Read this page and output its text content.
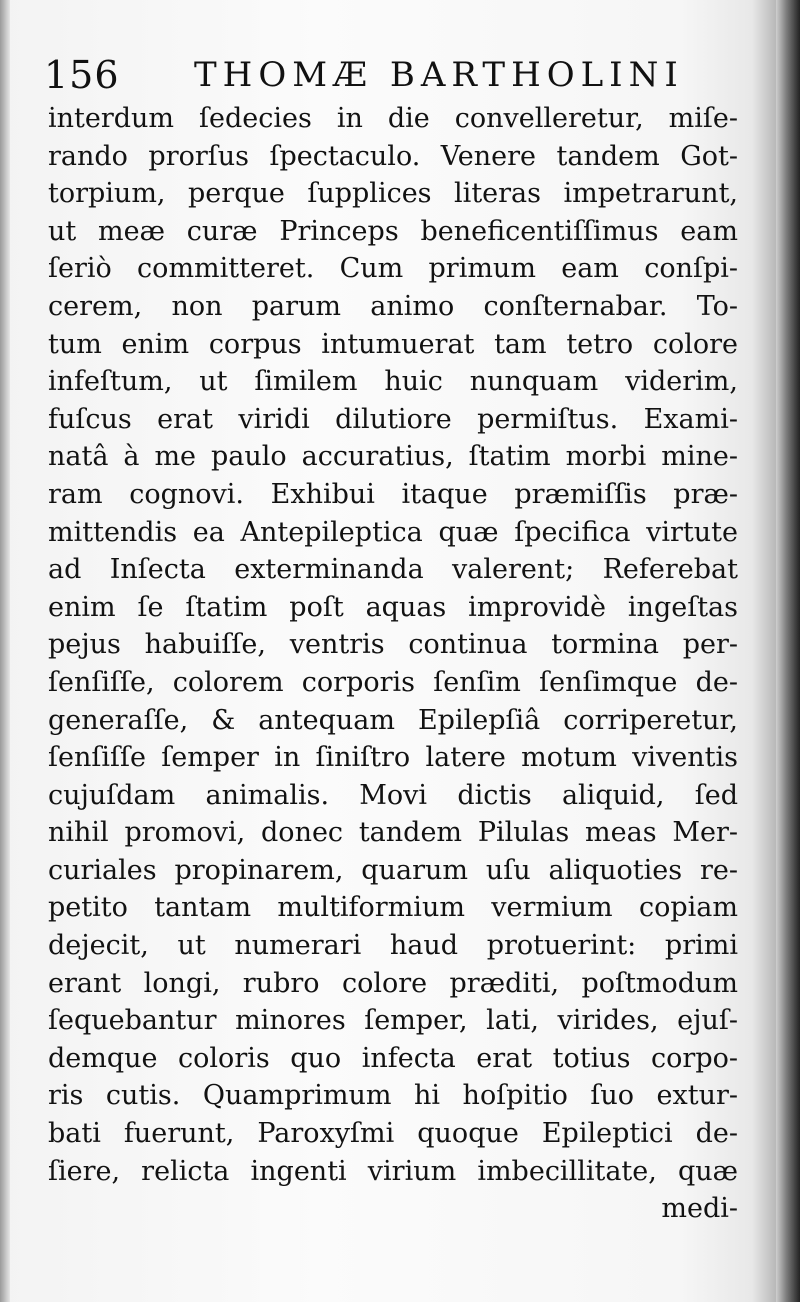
156 THOMÆ BARTHOLINI
interdum ſedecies in die convelleretur, miſe-
rando prorſus ſpectaculo. Venere tandem Got-
torpium, perque ſupplices literas impetrarunt,
ut meæ curæ Princeps beneficentiſſimus eam
ſeriò committeret. Cum primum eam conſpi-
cerem, non parum animo conſternabar. To-
tum enim corpus intumuerat tam tetro colore
infeſtum, ut ſimilem huic nunquam viderim,
fuſcus erat viridi dilutiore permiſtus. Exami-
natâ à me paulo accuratius, ſtatim morbi mine-
ram cognovi. Exhibui itaque præmiſſis præ-
mittendis ea Antepileptica quæ ſpecifica virtute
ad Inſecta exterminanda valerent; Referebat
enim ſe ſtatim poſt aquas improvidè ingeſtas
pejus habuiſſe, ventris continua tormina per-
ſenſiſſe, colorem corporis ſenſim ſenſimque de-
generaſſe, & antequam Epilepſiâ corriperetur,
ſenſiſſe ſemper in ſiniſtro latere motum viventis
cujuſdam animalis. Movi dictis aliquid, ſed
nihil promovi, donec tandem Pilulas meas Mer-
curiales propinarem, quarum uſu aliquoties re-
petito tantam multiformium vermium copiam
dejecit, ut numerari haud protuerint: primi
erant longi, rubro colore præditi, poſtmodum
ſequebantur minores ſemper, lati, virides, ejuſ-
demque coloris quo infecta erat totius corpo-
ris cutis. Quamprimum hi hoſpitio ſuo extur-
bati fuerunt, Paroxyſmi quoque Epileptici de-
ſiere, relicta ingenti virium imbecillitate, quæ
medi-
